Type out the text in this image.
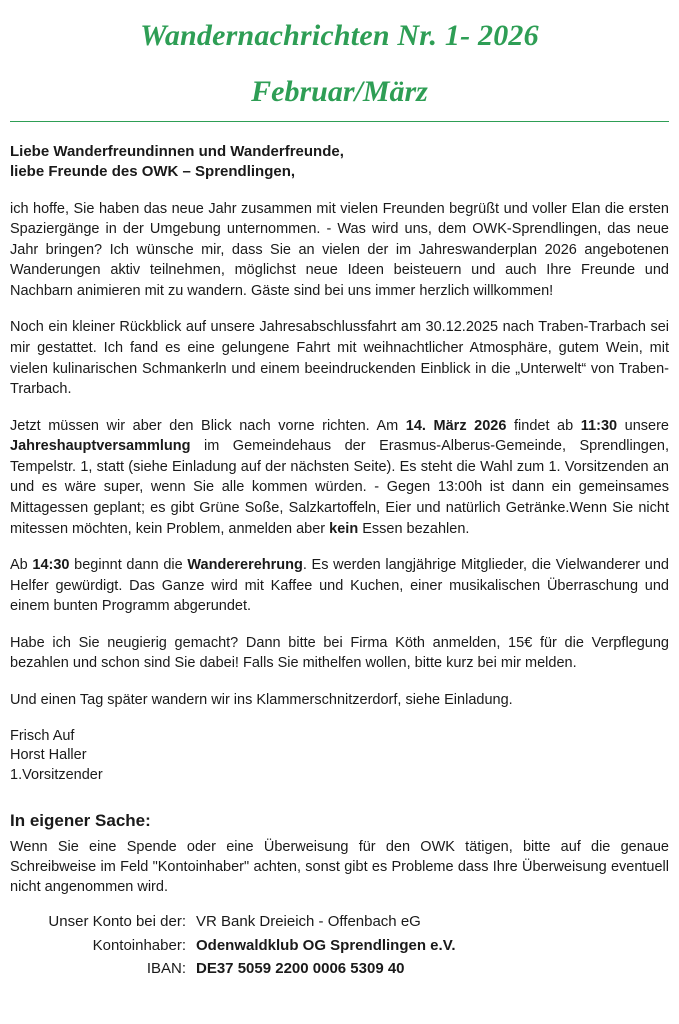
Wandernachrichten Nr. 1- 2026
Februar/März
Liebe Wanderfreundinnen und Wanderfreunde,
liebe Freunde des OWK – Sprendlingen,

ich hoffe, Sie haben das neue Jahr zusammen mit vielen Freunden begrüßt und voller Elan die ersten Spaziergänge in der Umgebung unternommen. - Was wird uns, dem OWK-Sprendlingen, das neue Jahr bringen? Ich wünsche mir, dass Sie an vielen der im Jahreswanderplan 2026 angebotenen Wanderungen aktiv teilnehmen, möglichst neue Ideen beisteuern und auch Ihre Freunde und Nachbarn animieren mit zu wandern. Gäste sind bei uns immer herzlich willkommen!

Noch ein kleiner Rückblick auf unsere Jahresabschlussfahrt am 30.12.2025 nach Traben-Trarbach sei mir gestattet. Ich fand es eine gelungene Fahrt mit weihnachtlicher Atmosphäre, gutem Wein, mit vielen kulinarischen Schmankerln und einem beeindruckenden Einblick in die „Unterwelt“ von Traben-Trarbach.

Jetzt müssen wir aber den Blick nach vorne richten. Am 14. März 2026 findet ab 11:30 unsere Jahreshauptversammlung im Gemeindehaus der Erasmus-Alberus-Gemeinde, Sprendlingen, Tempelstr. 1, statt (siehe Einladung auf der nächsten Seite). Es steht die Wahl zum 1. Vorsitzenden an und es wäre super, wenn Sie alle kommen würden. - Gegen 13:00h ist dann ein gemeinsames Mittagessen geplant; es gibt Grüne Soße, Salzkartoffeln, Eier und natürlich Getränke.Wenn Sie nicht mitessen möchten, kein Problem, anmelden aber kein Essen bezahlen.

Ab 14:30 beginnt dann die Wandererehrung. Es werden langjährige Mitglieder, die Vielwanderer und Helfer gewürdigt. Das Ganze wird mit Kaffee und Kuchen, einer musikalischen Überraschung und einem bunten Programm abgerundet.

Habe ich Sie neugierig gemacht? Dann bitte bei Firma Köth anmelden, 15€ für die Verpflegung bezahlen und schon sind Sie dabei! Falls Sie mithelfen wollen, bitte kurz bei mir melden.

Und einen Tag später wandern wir ins Klammerschnitzerdorf, siehe Einladung.

Frisch Auf
Horst Haller
1.Vorsitzender
In eigener Sache:

Wenn Sie eine Spende oder eine Überweisung für den OWK tätigen, bitte auf die genaue Schreibweise im Feld "Kontoinhaber" achten, sonst gibt es Probleme dass Ihre Überweisung eventuell nicht angenommen wird.

Unser Konto bei der: VR Bank Dreieich - Offenbach eG
Kontoinhaber: Odenwaldklub OG Sprendlingen e.V.
IBAN: DE37 5059 2200 0006 5309 40
